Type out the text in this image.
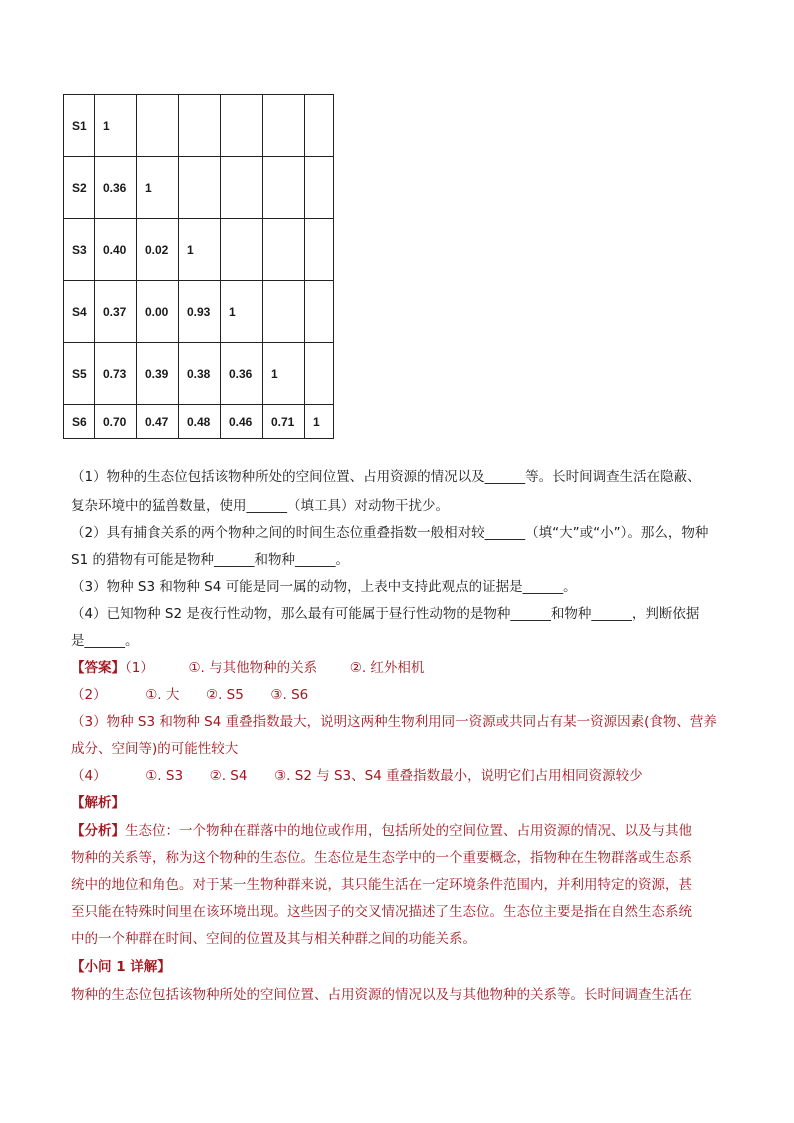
S1	1					
S2	0.36	1				
S3	0.40	0.02	1			
S4	0.37	0.00	0.93	1		
S5	0.73	0.39	0.38	0.36	1	
S6	0.70	0.47	0.48	0.46	0.71	1
（1）物种的生态位包括该物种所处的空间位置、占用资源的情况以及______等。长时间调查生活在隐蔽、
复杂环境中的猛兽数量，使用______（填工具）对动物干扰少。
（2）具有捕食关系的两个物种之间的时间生态位重叠指数一般相对较______（填“大”或“小”）。那么，物种
S1 的猎物有可能是物种______和物种______。
（3）物种 S3 和物种 S4 可能是同一属的动物，上表中支持此观点的证据是______。
（4）已知物种 S2 是夜行性动物，那么最有可能属于昼行性动物的是物种______和物种______，判断依据
是______。
【答案】（1）	①. 与其他物种的关系 ②. 红外相机
（2）	①. 大 ②. S5 ③. S6
（3）物种 S3 和物种 S4 重叠指数最大，说明这两种生物利用同一资源或共同占有某一资源因素(食物、营养
成分、空间等)的可能性较大
（4）	①. S3 ②. S4 ③. S2 与 S3、S4 重叠指数最小，说明它们占用相同资源较少
【解析】
【分析】生态位：一个物种在群落中的地位或作用，包括所处的空间位置、占用资源的情况、以及与其他
物种的关系等，称为这个物种的生态位。生态位是生态学中的一个重要概念，指物种在生物群落或生态系
统中的地位和角色。对于某一生物种群来说，其只能生活在一定环境条件范围内，并利用特定的资源，甚
至只能在特殊时间里在该环境出现。这些因子的交叉情况描述了生态位。生态位主要是指在自然生态系统
中的一个种群在时间、空间的位置及其与相关种群之间的功能关系。
【小问 1 详解】
物种的生态位包括该物种所处的空间位置、占用资源的情况以及与其他物种的关系等。长时间调查生活在
